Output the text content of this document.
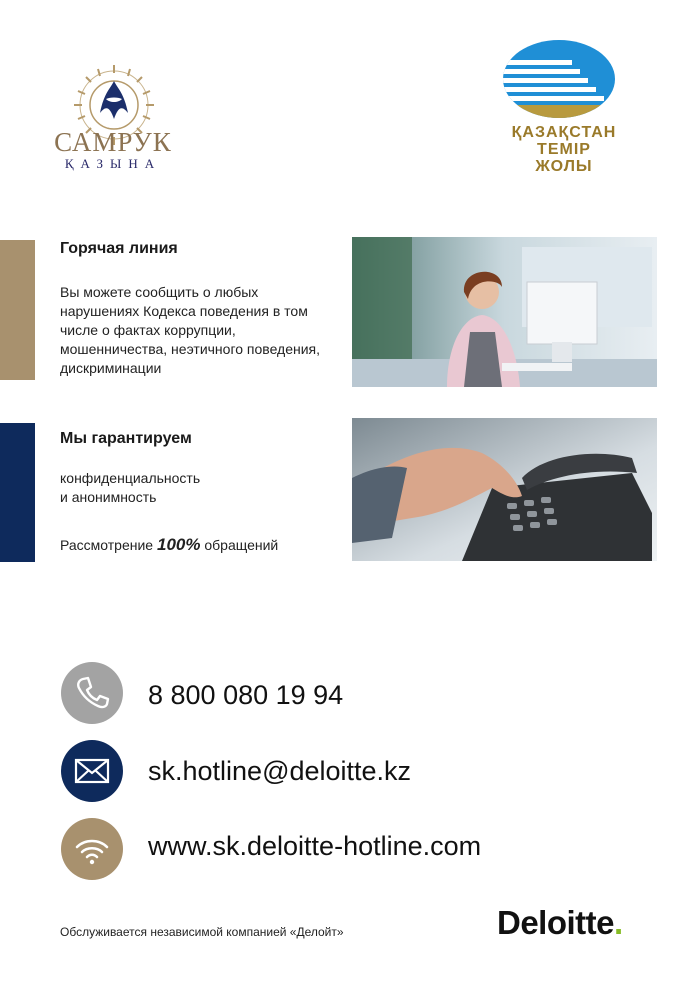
САМРУК
ҚАЗЫНА
ҚАЗАҚСТАН
ТЕМІР
ЖОЛЫ
Горячая линия
Вы можете сообщить о любых нарушениях Кодекса поведения в том числе о фактах коррупции, мошенничества, неэтичного поведения, дискриминации
Мы гарантируем
конфиденциальность
и анонимность
Рассмотрение 100% обращений
8 800 080 19 94
sk.hotline@deloitte.kz
www.sk.deloitte-hotline.com
Обслуживается независимой компанией «Делойт»	Deloitte.
